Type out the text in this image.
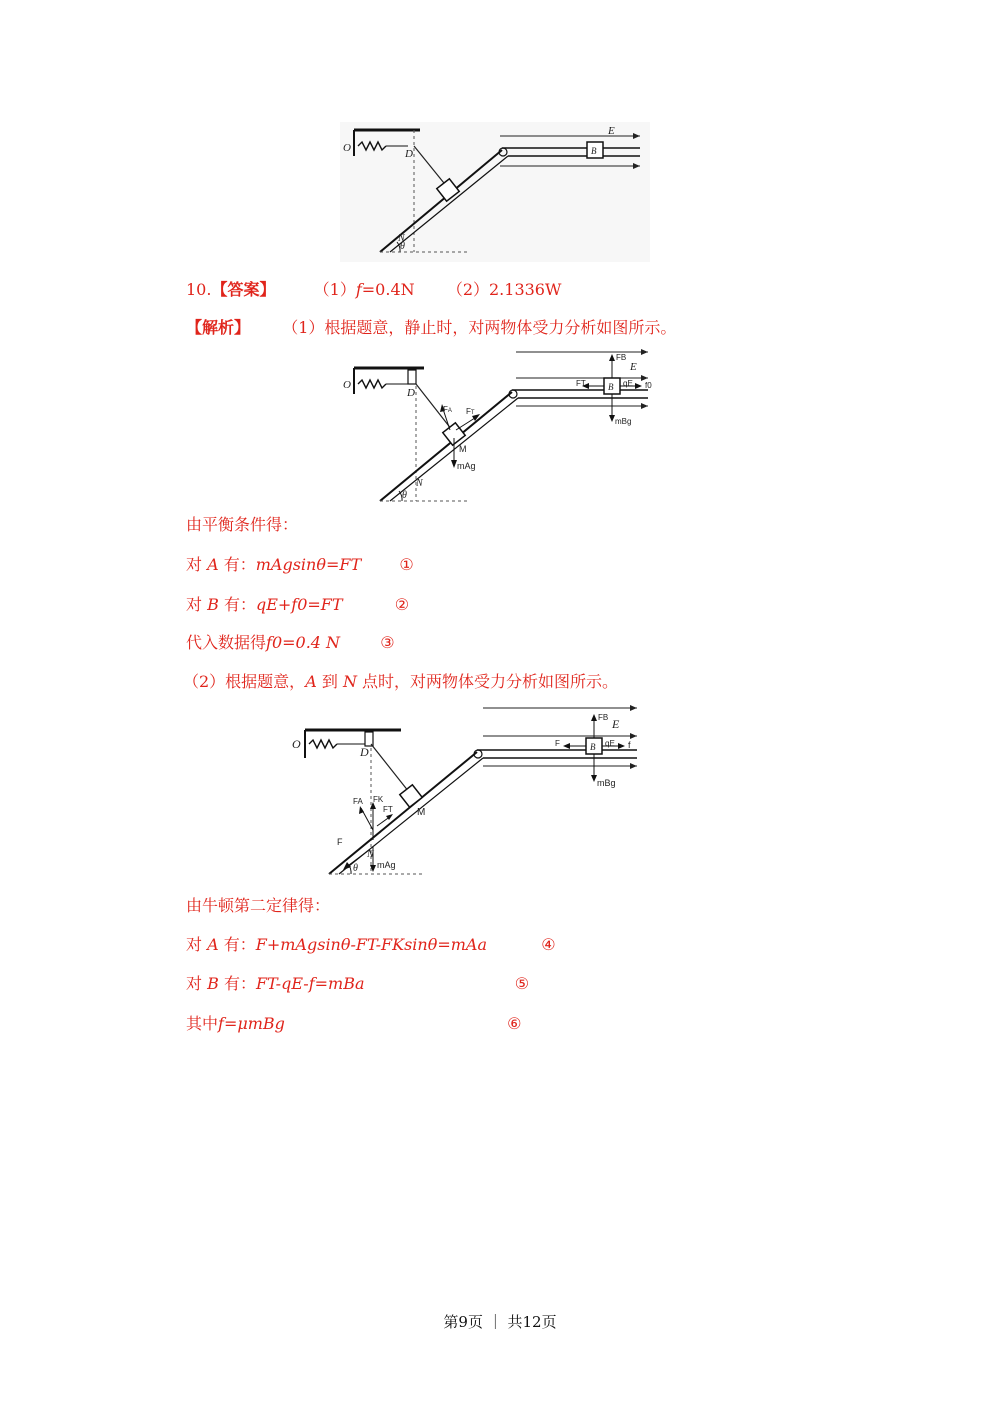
O	D
E
B
N
θ
10.【答案】 （1）f=0.4N （2）2.1336W
【解析】 （1）根据题意，静止时，对两物体受力分析如图所示。
O
D
FA FT
M
mAg
E
B
FB
FT	qE f0
mBg
N
θ
由平衡条件得：
对 A 有：mAgsinθ=FT ①
对 B 有：qE+f0=FT	②
代入数据得f0=0.4 N	③
（2）根据题意，A 到 N 点时，对两物体受力分析如图所示。
O
D
M
F
FA FK
FT
mAg
N
θ
E
B
FB
F	qE f
mBg
由牛顿第二定律得：
对 A 有：F+mAgsinθ-FT-FKsinθ=mAa	④
对 B 有：FT-qE-f=mBa	⑤
其中f=μmBg	⑥
第9页 ｜ 共12页
